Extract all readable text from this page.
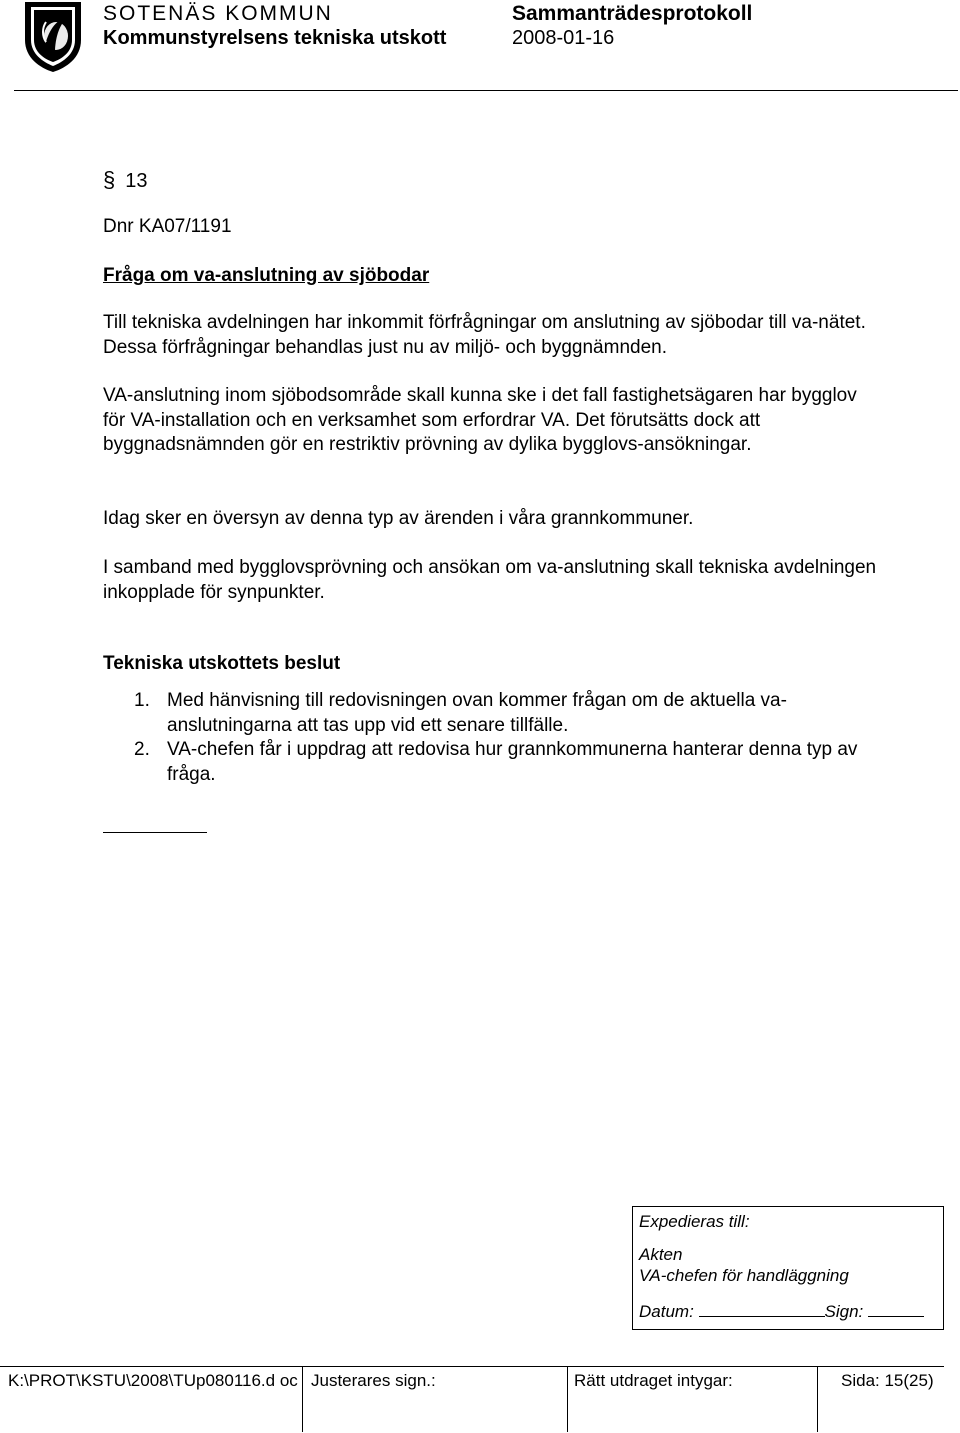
SOTENÄS KOMMUN
Kommunstyrelsens tekniska utskott
Sammanträdesprotokoll
2008-01-16
§ 13
Dnr KA07/1191
Fråga om va-anslutning av sjöbodar
Till tekniska avdelningen har inkommit förfrågningar om anslutning av sjöbodar till va-nätet. Dessa förfrågningar behandlas just nu av miljö- och byggnämnden.
VA-anslutning inom sjöbodsområde skall kunna ske i det fall fastighetsägaren har bygglov för VA-installation och en verksamhet som erfordrar VA. Det förutsätts dock att byggnadsnämnden gör en restriktiv prövning av dylika bygglovs-ansökningar.
Idag sker en översyn av denna typ av ärenden i våra grannkommuner.
I samband med bygglovsprövning och ansökan om va-anslutning skall tekniska avdelningen inkopplade för synpunkter.
Tekniska utskottets beslut
1. Med hänvisning till redovisningen ovan kommer frågan om de aktuella va-anslutningarna att tas upp vid ett senare tillfälle.
2. VA-chefen får i uppdrag att redovisa hur grannkommunerna hanterar denna typ av fråga.
Expedieras till:
Akten
VA-chefen för handläggning
Datum:	Sign:
K:\PROT\KSTU\2008\TUp080116.d oc Justerares sign.:	Rätt utdraget intygar:	Sida: 15(25)
